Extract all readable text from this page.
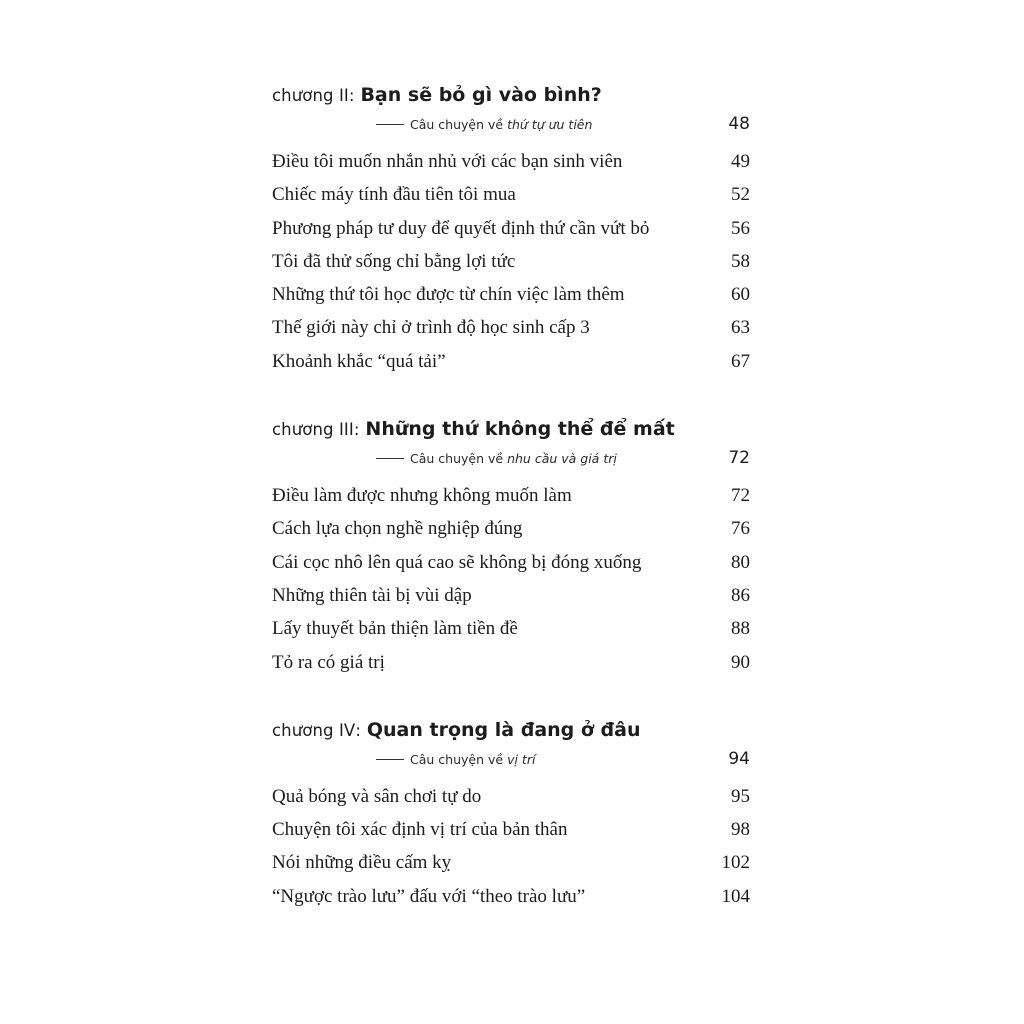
chương II : Bạn sẽ bỏ gì vào bình?
Câu chuyện về thứ tự ưu tiên	48
Điều tôi muốn nhắn nhủ với các bạn sinh viên	49
Chiếc máy tính đầu tiên tôi mua	52
Phương pháp tư duy để quyết định thứ cần vứt bỏ	56
Tôi đã thử sống chỉ bằng lợi tức	58
Những thứ tôi học được từ chín việc làm thêm	60
Thế giới này chỉ ở trình độ học sinh cấp 3	63
Khoảnh khắc “quá tải”	67
chương III : Những thứ không thể để mất
Câu chuyện về nhu cầu và giá trị	72
Điều làm được nhưng không muốn làm	72
Cách lựa chọn nghề nghiệp đúng	76
Cái cọc nhô lên quá cao sẽ không bị đóng xuống	80
Những thiên tài bị vùi dập	86
Lấy thuyết bản thiện làm tiền đề	88
Tỏ ra có giá trị	90
chương IV : Quan trọng là đang ở đâu
Câu chuyện về vị trí	94
Quả bóng và sân chơi tự do	95
Chuyện tôi xác định vị trí của bản thân	98
Nói những điều cấm kỵ	102
“Ngược trào lưu” đấu với “theo trào lưu”	104
